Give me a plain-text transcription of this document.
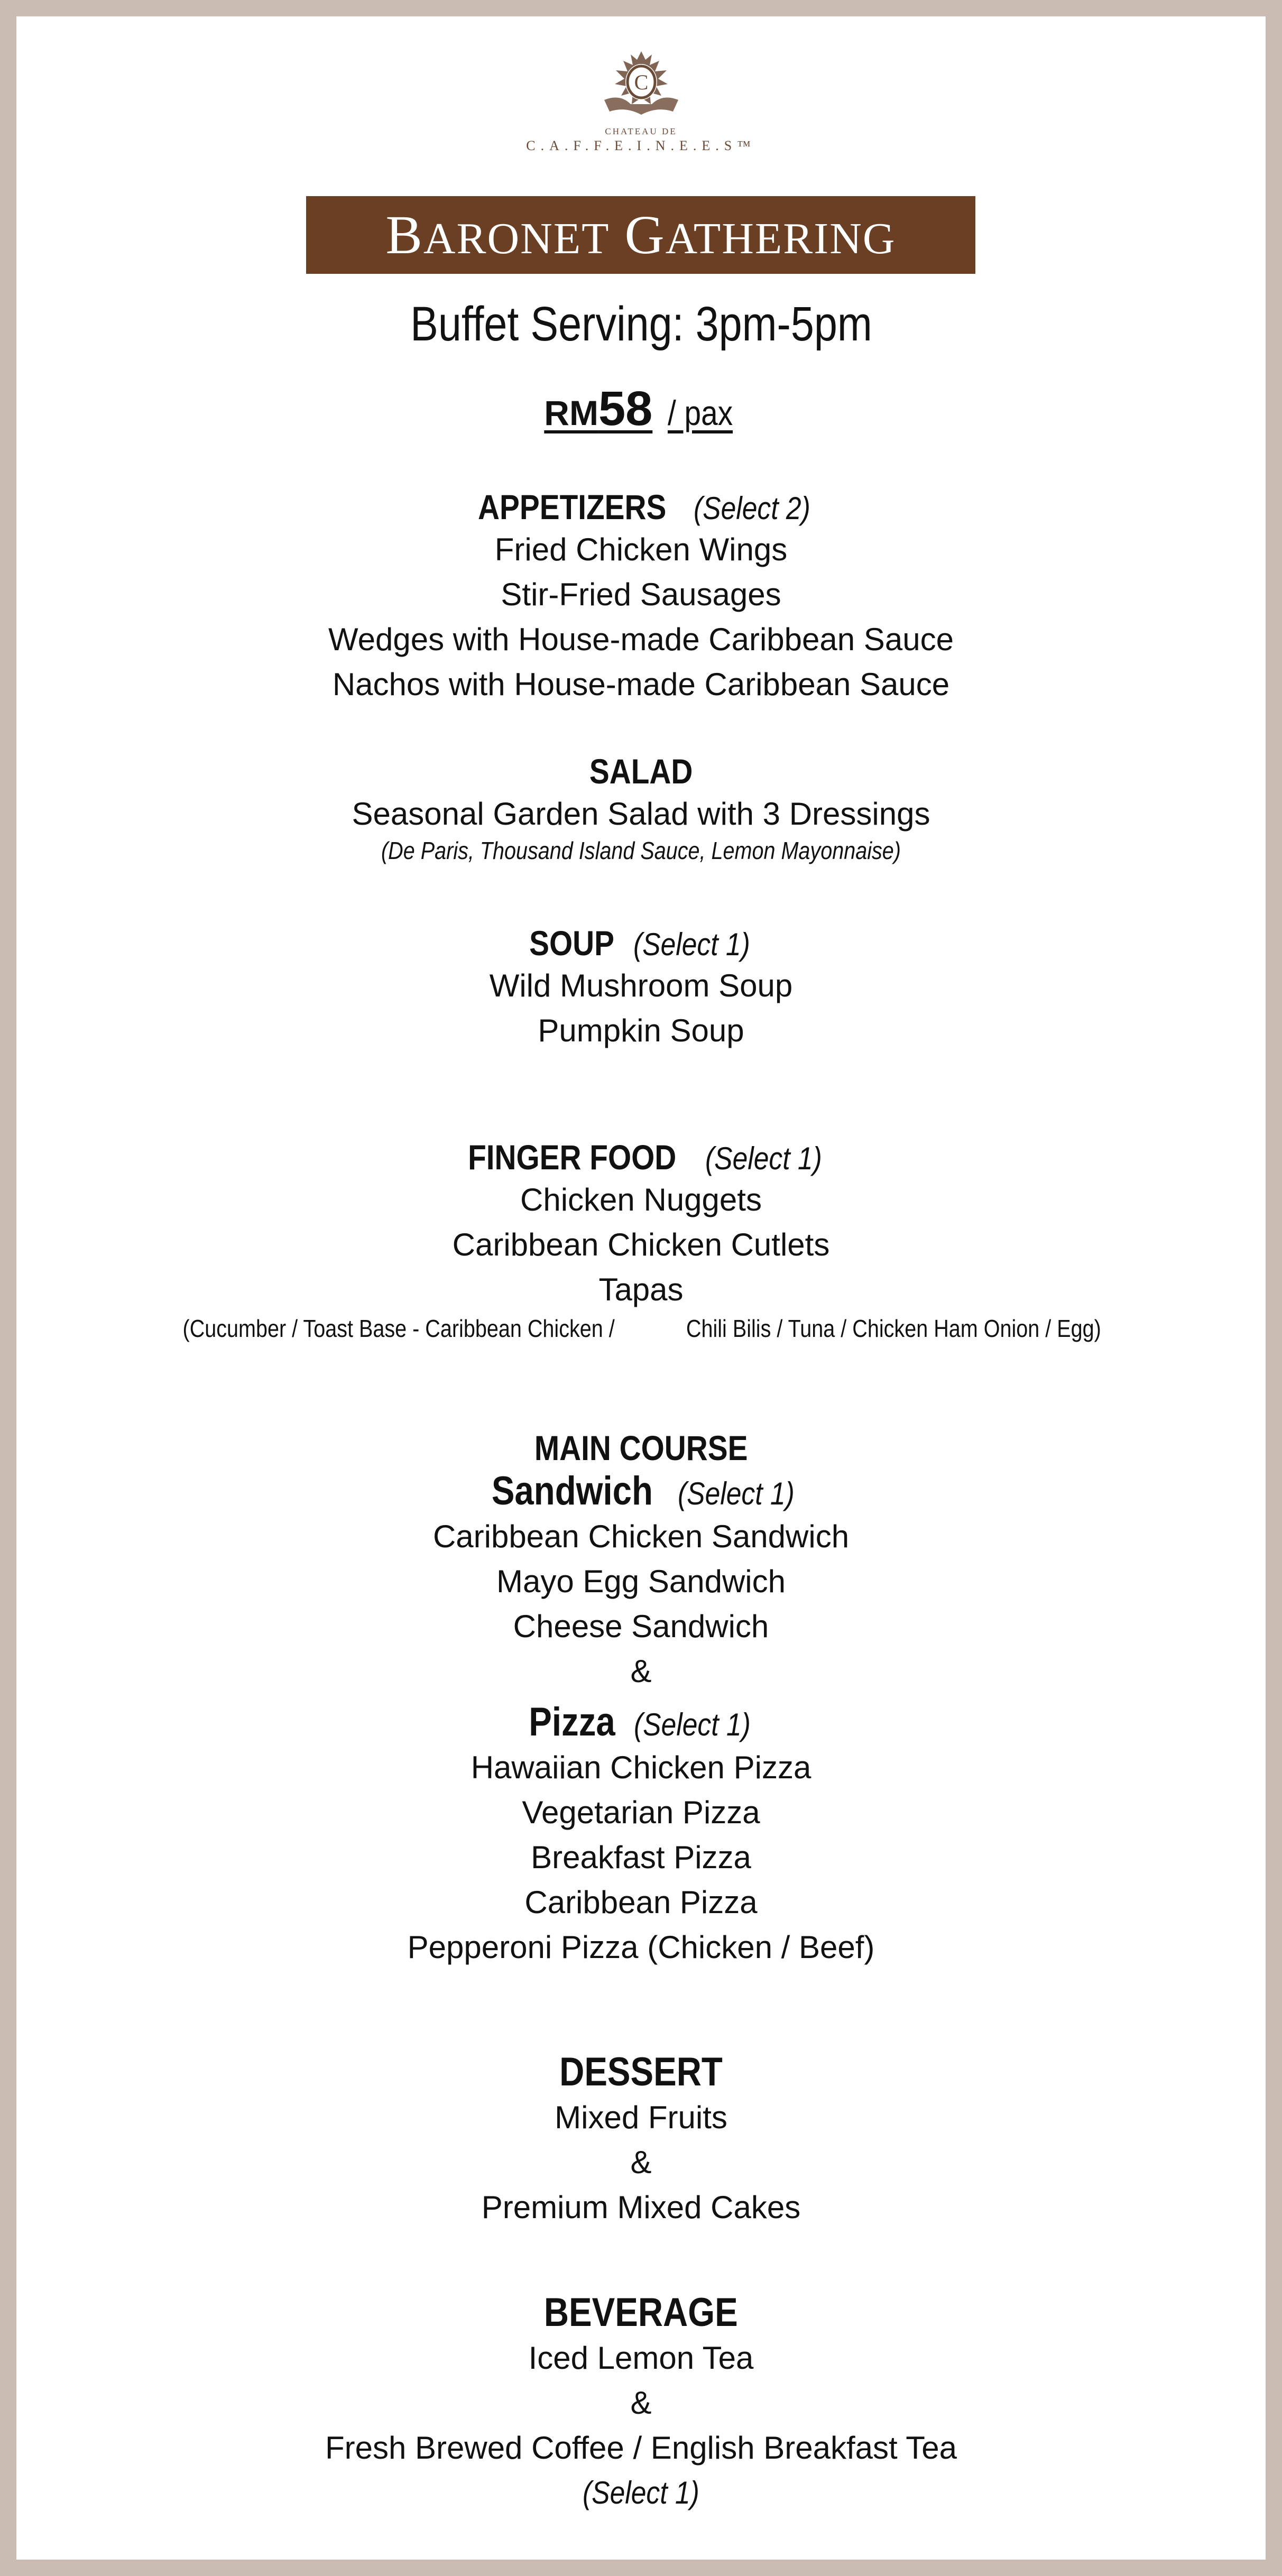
C
CHATEAU DE
C.A.F.F.E.I.N.E.E.S™
BARONET GATHERING
Buffet Serving: 3pm-5pm
RM58 / pax
APPETIZERS (Select 2)
Fried Chicken Wings
Stir-Fried Sausages
Wedges with House-made Caribbean Sauce
Nachos with House-made Caribbean Sauce
SALAD
Seasonal Garden Salad with 3 Dressings
(De Paris, Thousand Island Sauce, Lemon Mayonnaise)
SOUP (Select 1)
Wild Mushroom Soup
Pumpkin Soup
FINGER FOOD (Select 1)
Chicken Nuggets
Caribbean Chicken Cutlets
Tapas
(Cucumber / Toast Base - Caribbean Chicken /	Chili Bilis / Tuna / Chicken Ham Onion / Egg)
MAIN COURSE
Sandwich (Select 1)
Caribbean Chicken Sandwich
Mayo Egg Sandwich
Cheese Sandwich
&
Pizza (Select 1)
Hawaiian Chicken Pizza
Vegetarian Pizza
Breakfast Pizza
Caribbean Pizza
Pepperoni Pizza (Chicken / Beef)
DESSERT
Mixed Fruits
&
Premium Mixed Cakes
BEVERAGE
Iced Lemon Tea
&
Fresh Brewed Coffee / English Breakfast Tea
(Select 1)
